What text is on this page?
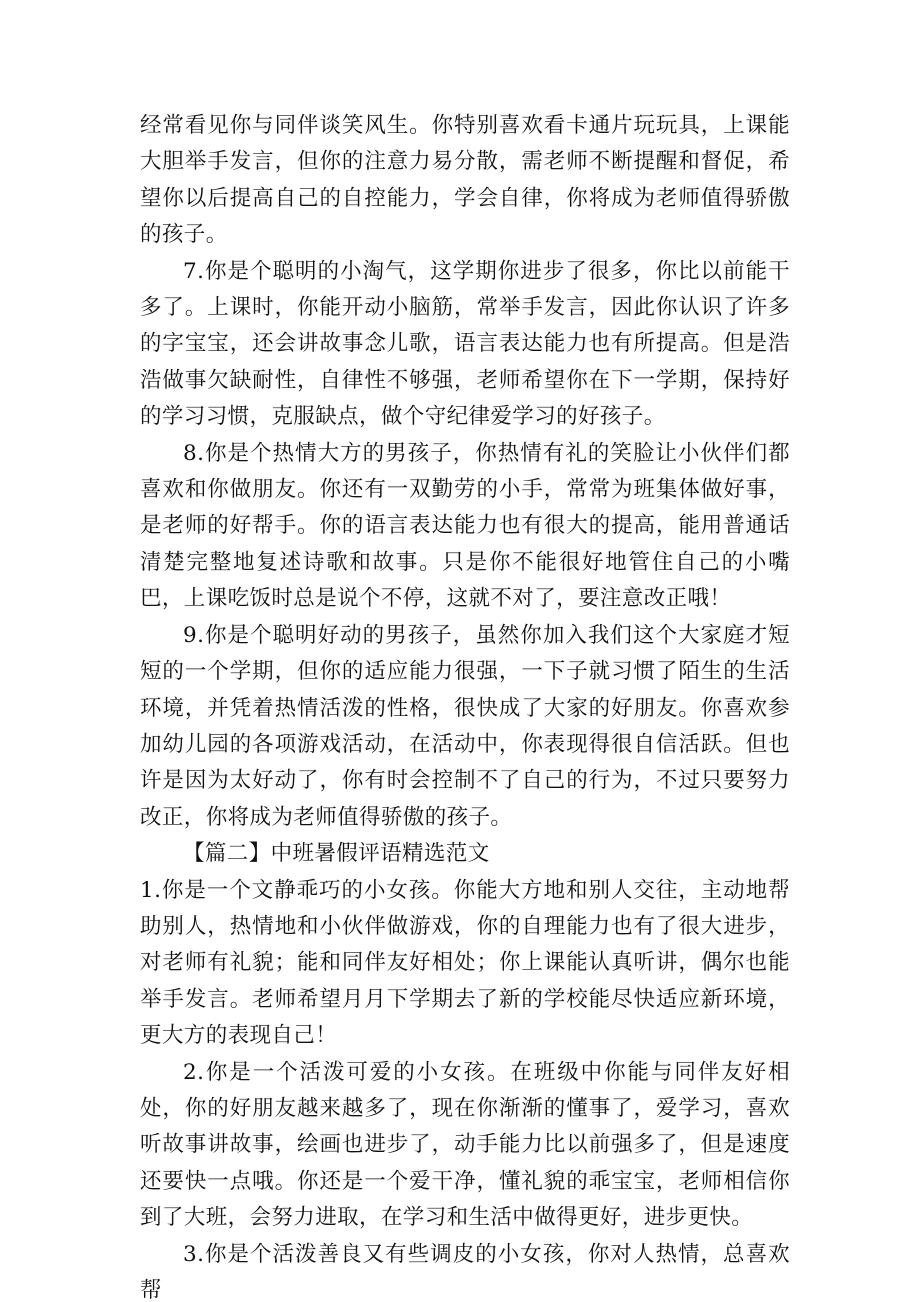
经常看见你与同伴谈笑风生。你特别喜欢看卡通片玩玩具，上课能大胆举手发言，但你的注意力易分散，需老师不断提醒和督促，希望你以后提高自己的自控能力，学会自律，你将成为老师值得骄傲的孩子。

7.你是个聪明的小淘气，这学期你进步了很多，你比以前能干多了。上课时，你能开动小脑筋，常举手发言，因此你认识了许多的字宝宝，还会讲故事念儿歌，语言表达能力也有所提高。但是浩浩做事欠缺耐性，自律性不够强，老师希望你在下一学期，保持好的学习习惯，克服缺点，做个守纪律爱学习的好孩子。

8.你是个热情大方的男孩子，你热情有礼的笑脸让小伙伴们都喜欢和你做朋友。你还有一双勤劳的小手，常常为班集体做好事，是老师的好帮手。你的语言表达能力也有很大的提高，能用普通话清楚完整地复述诗歌和故事。只是你不能很好地管住自己的小嘴巴，上课吃饭时总是说个不停，这就不对了，要注意改正哦！

9.你是个聪明好动的男孩子，虽然你加入我们这个大家庭才短短的一个学期，但你的适应能力很强，一下子就习惯了陌生的生活环境，并凭着热情活泼的性格，很快成了大家的好朋友。你喜欢参加幼儿园的各项游戏活动，在活动中，你表现得很自信活跃。但也许是因为太好动了，你有时会控制不了自己的行为，不过只要努力改正，你将成为老师值得骄傲的孩子。

【篇二】中班暑假评语精选范文

1.你是一个文静乖巧的小女孩。你能大方地和别人交往，主动地帮助别人，热情地和小伙伴做游戏，你的自理能力也有了很大进步，对老师有礼貌；能和同伴友好相处；你上课能认真听讲，偶尔也能举手发言。老师希望月月下学期去了新的学校能尽快适应新环境，更大方的表现自己！

2.你是一个活泼可爱的小女孩。在班级中你能与同伴友好相处，你的好朋友越来越多了，现在你渐渐的懂事了，爱学习，喜欢听故事讲故事，绘画也进步了，动手能力比以前强多了，但是速度还要快一点哦。你还是一个爱干净，懂礼貌的乖宝宝，老师相信你到了大班，会努力进取，在学习和生活中做得更好，进步更快。

3.你是个活泼善良又有些调皮的小女孩，你对人热情，总喜欢帮
